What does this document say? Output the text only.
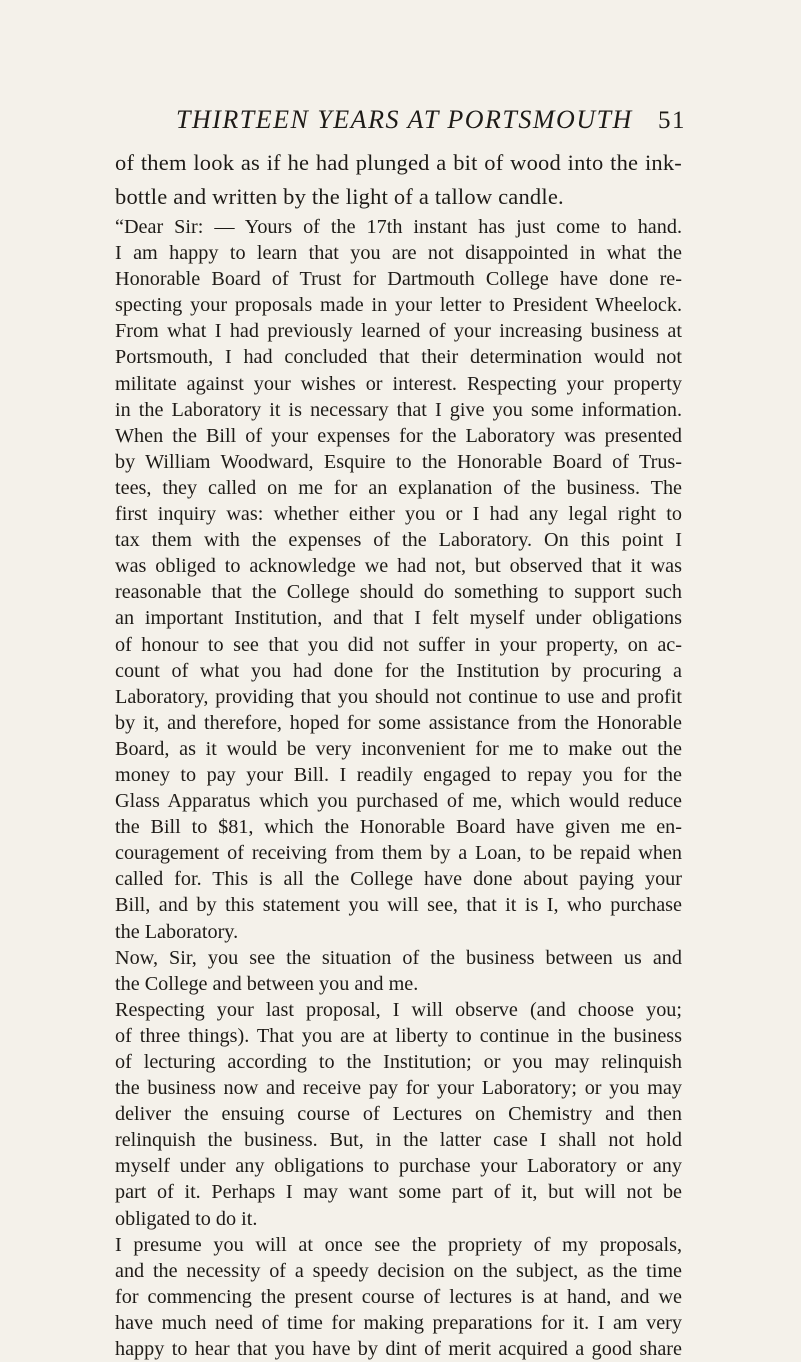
THIRTEEN YEARS AT PORTSMOUTH 51
of them look as if he had plunged a bit of wood into the ink-
bottle and written by the light of a tallow candle.
“Dear Sir: — Yours of the 17th instant has just come to hand.
I am happy to learn that you are not disappointed in what the
Honorable Board of Trust for Dartmouth College have done re-
specting your proposals made in your letter to President Wheelock.
From what I had previously learned of your increasing business at
Portsmouth, I had concluded that their determination would not
militate against your wishes or interest. Respecting your property
in the Laboratory it is necessary that I give you some information.
When the Bill of your expenses for the Laboratory was presented
by William Woodward, Esquire to the Honorable Board of Trus-
tees, they called on me for an explanation of the business. The
first inquiry was: whether either you or I had any legal right to
tax them with the expenses of the Laboratory. On this point I
was obliged to acknowledge we had not, but observed that it was
reasonable that the College should do something to support such
an important Institution, and that I felt myself under obligations
of honour to see that you did not suffer in your property, on ac-
count of what you had done for the Institution by procuring a
Laboratory, providing that you should not continue to use and profit
by it, and therefore, hoped for some assistance from the Honorable
Board, as it would be very inconvenient for me to make out the
money to pay your Bill. I readily engaged to repay you for the
Glass Apparatus which you purchased of me, which would reduce
the Bill to $81, which the Honorable Board have given me en-
couragement of receiving from them by a Loan, to be repaid when
called for. This is all the College have done about paying your
Bill, and by this statement you will see, that it is I, who purchase
the Laboratory.
Now, Sir, you see the situation of the business between us and
the College and between you and me.
Respecting your last proposal, I will observe (and choose you;
of three things). That you are at liberty to continue in the business
of lecturing according to the Institution; or you may relinquish
the business now and receive pay for your Laboratory; or you may
deliver the ensuing course of Lectures on Chemistry and then
relinquish the business. But, in the latter case I shall not hold
myself under any obligations to purchase your Laboratory or any
part of it. Perhaps I may want some part of it, but will not be
obligated to do it.
I presume you will at once see the propriety of my proposals,
and the necessity of a speedy decision on the subject, as the time
for commencing the present course of lectures is at hand, and we
have much need of time for making preparations for it. I am very
happy to hear that you have by dint of merit acquired a good share
